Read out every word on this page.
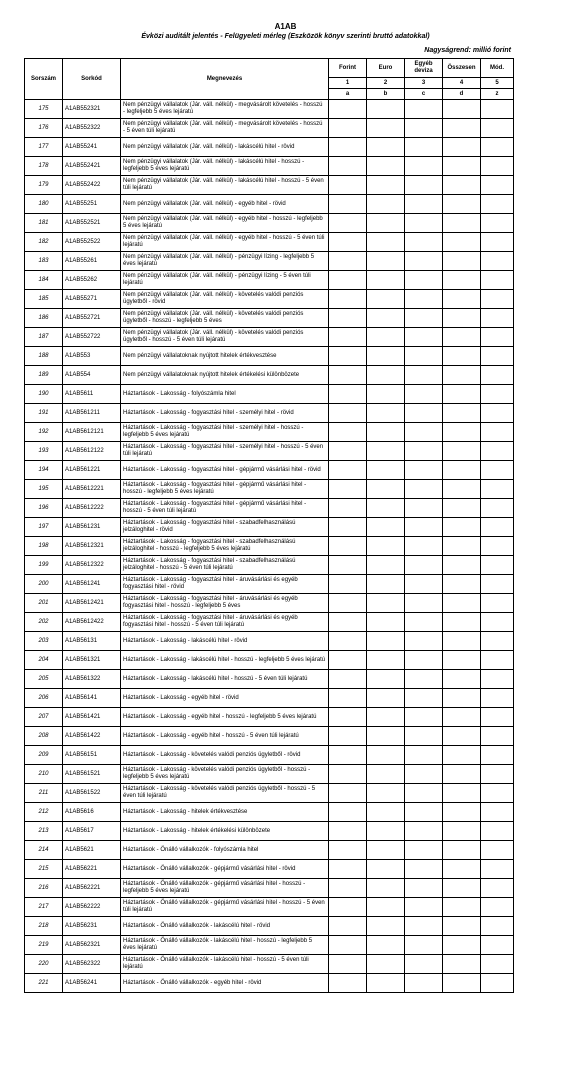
A1AB
Évközi auditált jelentés - Felügyeleti mérleg (Eszközök könyv szerinti bruttó adatokkal)
Nagyságrend: millió forint
Sorszám	Sorkód	Megnevezés	Forint	Euro	Egyéb deviza	Összesen	Mód.
			1	2	3	4	5
			a	b	c	d	z
175	A1AB552321	Nem pénzügyi vállalatok (Jár. váll. nélkül) - megvásárolt követelés - hosszú - legfeljebb 5 éves lejáratú					
176	A1AB552322	Nem pénzügyi vállalatok (Jár. váll. nélkül) - megvásárolt követelés - hosszú - 5 éven túli lejáratú					
177	A1AB55241	Nem pénzügyi vállalatok (Jár. váll. nélkül) - lakáscélú hitel - rövid					
178	A1AB552421	Nem pénzügyi vállalatok (Jár. váll. nélkül) - lakáscélú hitel - hosszú - legfeljebb 5 éves lejáratú					
179	A1AB552422	Nem pénzügyi vállalatok (Jár. váll. nélkül) - lakáscélú hitel - hosszú - 5 éven túli lejáratú					
180	A1AB55251	Nem pénzügyi vállalatok (Jár. váll. nélkül) - egyéb hitel - rövid					
181	A1AB552521	Nem pénzügyi vállalatok (Jár. váll. nélkül) - egyéb hitel - hosszú - legfeljebb 5 éves lejáratú					
182	A1AB552522	Nem pénzügyi vállalatok (Jár. váll. nélkül) - egyéb hitel - hosszú - 5 éven túli lejáratú					
183	A1AB55261	Nem pénzügyi vállalatok (Jár. váll. nélkül) - pénzügyi lízing - legfeljebb 5 éves lejáratú					
184	A1AB55262	Nem pénzügyi vállalatok (Jár. váll. nélkül) - pénzügyi lízing - 5 éven túli lejáratú					
185	A1AB55271	Nem pénzügyi vállalatok (Jár. váll. nélkül) - követelés valódi penziós ügyletből - rövid					
186	A1AB552721	Nem pénzügyi vállalatok (Jár. váll. nélkül) - követelés valódi penziós ügyletből - hosszú - legfeljebb 5 éves					
187	A1AB552722	Nem pénzügyi vállalatok (Jár. váll. nélkül) - követelés valódi penziós ügyletből - hosszú - 5 éven túli lejáratú					
188	A1AB553	Nem pénzügyi vállalatoknak nyújtott hitelek értékvesztése					
189	A1AB554	Nem pénzügyi vállalatoknak nyújtott hitelek értékelési különbözete					
190	A1AB5611	Háztartások - Lakosság - folyószámla hitel					
191	A1AB561211	Háztartások - Lakosság - fogyasztási hitel - személyi hitel - rövid					
192	A1AB5612121	Háztartások - Lakosság - fogyasztási hitel - személyi hitel - hosszú - legfeljebb 5 éves lejáratú					
193	A1AB5612122	Háztartások - Lakosság - fogyasztási hitel - személyi hitel - hosszú - 5 éven túli lejáratú					
194	A1AB561221	Háztartások - Lakosság - fogyasztási hitel - gépjármű vásárlási hitel - rövid					
195	A1AB5612221	Háztartások - Lakosság - fogyasztási hitel - gépjármű vásárlási hitel - hosszú - legfeljebb 5 éves lejáratú					
196	A1AB5612222	Háztartások - Lakosság - fogyasztási hitel - gépjármű vásárlási hitel - hosszú - 5 éven túli lejáratú					
197	A1AB561231	Háztartások - Lakosság - fogyasztási hitel - szabadfelhasználású jelzáloghitel - rövid					
198	A1AB5612321	Háztartások - Lakosság - fogyasztási hitel - szabadfelhasználású jelzáloghitel - hosszú - legfeljebb 5 éves lejáratú					
199	A1AB5612322	Háztartások - Lakosság - fogyasztási hitel - szabadfelhasználású jelzáloghitel - hosszú - 5 éven túli lejáratú					
200	A1AB561241	Háztartások - Lakosság - fogyasztási hitel - áruvásárlási és egyéb fogyasztási hitel - rövid					
201	A1AB5612421	Háztartások - Lakosság - fogyasztási hitel - áruvásárlási és egyéb fogyasztási hitel - hosszú - legfeljebb 5 éves					
202	A1AB5612422	Háztartások - Lakosság - fogyasztási hitel - áruvásárlási és egyéb fogyasztási hitel - hosszú - 5 éven túli lejáratú					
203	A1AB56131	Háztartások - Lakosság - lakáscélú hitel - rövid					
204	A1AB561321	Háztartások - Lakosság - lakáscélú hitel - hosszú - legfeljebb 5 éves lejáratú					
205	A1AB561322	Háztartások - Lakosság - lakáscélú hitel - hosszú - 5 éven túli lejáratú					
206	A1AB56141	Háztartások - Lakosság - egyéb hitel - rövid					
207	A1AB561421	Háztartások - Lakosság - egyéb hitel - hosszú - legfeljebb 5 éves lejáratú					
208	A1AB561422	Háztartások - Lakosság - egyéb hitel - hosszú - 5 éven túli lejáratú					
209	A1AB56151	Háztartások - Lakosság - követelés valódi penziós ügyletből - rövid					
210	A1AB561521	Háztartások - Lakosság - követelés valódi penziós ügyletből - hosszú - legfeljebb 5 éves lejáratú					
211	A1AB561522	Háztartások - Lakosság - követelés valódi penziós ügyletből - hosszú - 5 éven túli lejáratú					
212	A1AB5616	Háztartások - Lakosság - hitelek értékvesztése					
213	A1AB5617	Háztartások - Lakosság - hitelek értékelési különbözete					
214	A1AB5621	Háztartások - Önálló vállalkozók - folyószámla hitel					
215	A1AB56221	Háztartások - Önálló vállalkozók - gépjármű vásárlási hitel - rövid					
216	A1AB562221	Háztartások - Önálló vállalkozók - gépjármű vásárlási hitel - hosszú - legfeljebb 5 éves lejáratú					
217	A1AB562222	Háztartások - Önálló vállalkozók - gépjármű vásárlási hitel - hosszú - 5 éven túli lejáratú					
218	A1AB56231	Háztartások - Önálló vállalkozók - lakáscélú hitel - rövid					
219	A1AB562321	Háztartások - Önálló vállalkozók - lakáscélú hitel - hosszú - legfeljebb 5 éves lejáratú					
220	A1AB562322	Háztartások - Önálló vállalkozók - lakáscélú hitel - hosszú - 5 éven túli lejáratú					
221	A1AB56241	Háztartások - Önálló vállalkozók - egyéb hitel - rövid					
